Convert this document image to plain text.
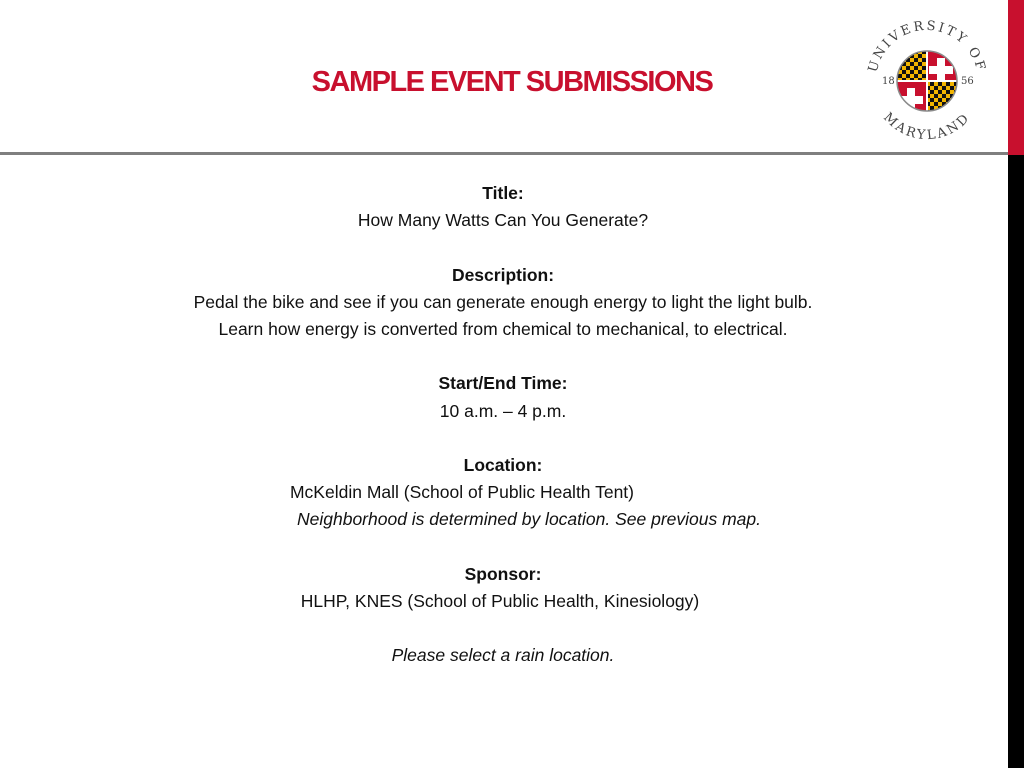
SAMPLE EVENT SUBMISSIONS
UNIVERSITY OF
MARYLAND
18	56
Title:
How Many Watts Can You Generate?
Description:
Pedal the bike and see if you can generate enough energy to light the light bulb.
Learn how energy is converted from chemical to mechanical, to electrical.
Start/End Time:
10 a.m. – 4 p.m.
Location:
McKeldin Mall (School of Public Health Tent)
Neighborhood is determined by location. See previous map.
Sponsor:
HLHP, KNES (School of Public Health, Kinesiology)
Please select a rain location.
